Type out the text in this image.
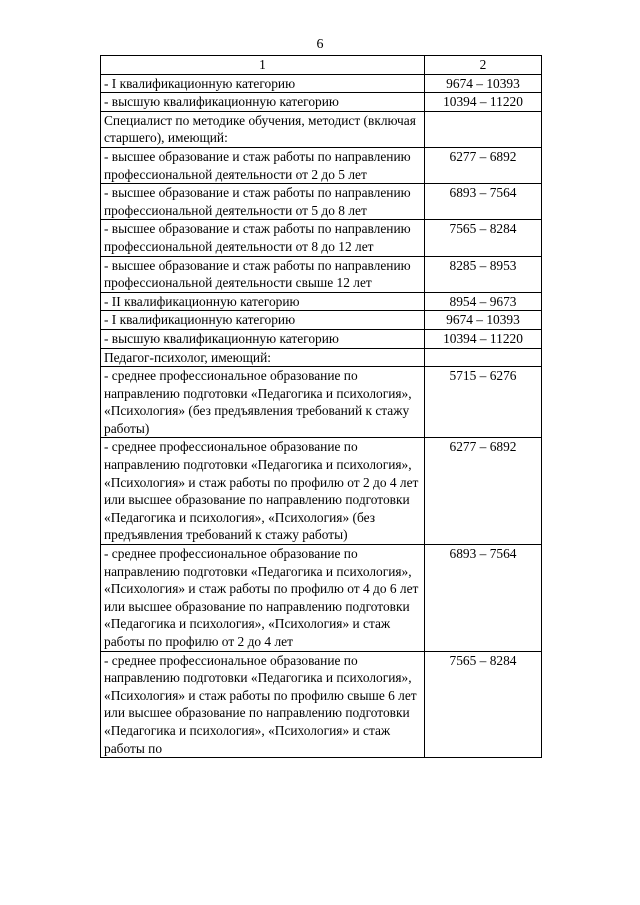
6
1	2
- I квалификационную категорию	9674 – 10393
- высшую квалификационную категорию	10394 – 11220
Специалист по методике обучения, методист (включая старшего), имеющий:	
- высшее образование и стаж работы по направлению профессиональной деятельности от 2 до 5 лет	6277 – 6892
- высшее образование и стаж работы по направлению профессиональной деятельности от 5 до 8 лет	6893 – 7564
- высшее образование и стаж работы по направлению профессиональной деятельности от 8 до 12 лет	7565 – 8284
- высшее образование и стаж работы по направлению профессиональной деятельности свыше 12 лет	8285 – 8953
- II квалификационную категорию	8954 – 9673
- I квалификационную категорию	9674 – 10393
- высшую квалификационную категорию	10394 – 11220
Педагог-психолог, имеющий:	
- среднее профессиональное образование по направлению подготовки «Педагогика и психология», «Психология» (без предъявления требований к стажу работы)	5715 – 6276
- среднее профессиональное образование по направлению подготовки «Педагогика и психология», «Психология» и стаж работы по профилю от 2 до 4 лет или высшее образование по направлению подготовки «Педагогика и психология», «Психология» (без предъявления требований к стажу работы)	6277 – 6892
- среднее профессиональное образование по направлению подготовки «Педагогика и психология», «Психология» и стаж работы по профилю от 4 до 6 лет или высшее образование по направлению подготовки «Педагогика и психология», «Психология» и стаж работы по профилю от 2 до 4 лет	6893 – 7564
- среднее профессиональное образование по направлению подготовки «Педагогика и психология», «Психология» и стаж работы по профилю свыше 6 лет или высшее образование по направлению подготовки «Педагогика и психология», «Психология» и стаж работы по	7565 – 8284
